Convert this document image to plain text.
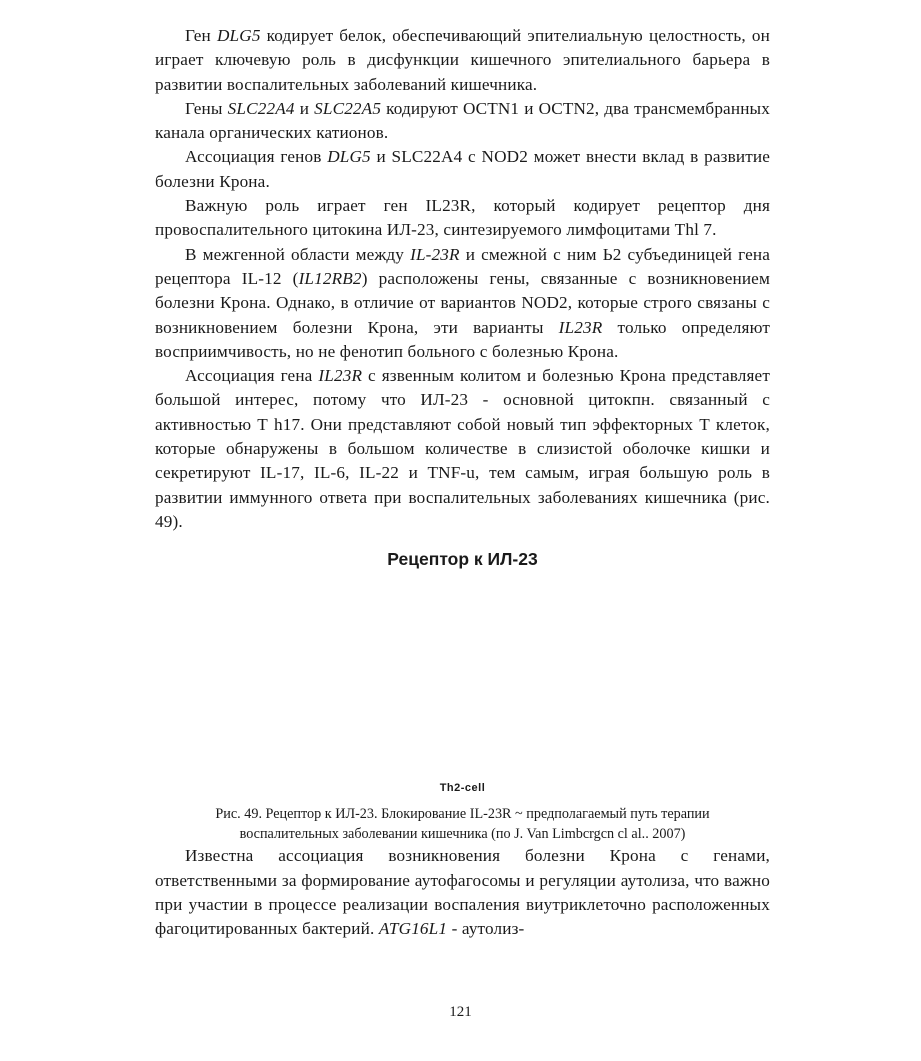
Ген DLG5 кодирует белок, обеспечивающий эпителиальную целостность, он играет ключевую роль в дисфункции кишечного эпителиального барьера в развитии воспалительных заболеваний кишечника.

Гены SLC22A4 и SLC22A5 кодируют OCTN1 и OCTN2, два трансмембранных канала органических катионов.

Ассоциация генов DLG5 и SLC22A4 с NOD2 может внести вклад в развитие болезни Крона.

Важную роль играет ген IL23R, который кодирует рецептор дня провоспалительного цитокина ИЛ-23, синтезируемого лимфоцитами Thl 7.

В межгенной области между IL-23R и смежной с ним Ь2 субъединицей гена рецептора IL-12 (IL12RB2) расположены гены, связанные с возникновением болезни Крона. Однако, в отличие от вариантов NOD2, которые строго связаны с возникновением болезни Крона, эти варианты IL23R только определяют восприимчивость, но не фенотип больного с болезнью Крона.

Ассоциация гена IL23R с язвенным колитом и болезнью Крона представляет большой интерес, потому что ИЛ-23 - основной цитокпн. связанный с активностью Т h17. Они представляют собой новый тип эффекторных Т клеток, которые обнаружены в большом количестве в слизистой оболочке кишки и секретируют IL-17, IL-6, IL-22 и TNF-u, тем самым, играя большую роль в развитии иммунного ответа при воспалительных заболеваниях кишечника (рис. 49).

Рецептор к ИЛ-23
Th2-cell

Рис. 49. Рецептор к ИЛ-23. Блокирование IL-23R ~ предполагаемый путь терапии
воспалительных заболевании кишечника (по J. Van Limbcrgcn cl al.. 2007)

Известна ассоциация возникновения болезни Крона с генами, ответственными за формирование аутофагосомы и регуляции аутолиза, что важно при участии в процессе реализации воспаления виутриклеточно расположенных фагоцитированных бактерий. ATG16L1 - аутолиз-

121
